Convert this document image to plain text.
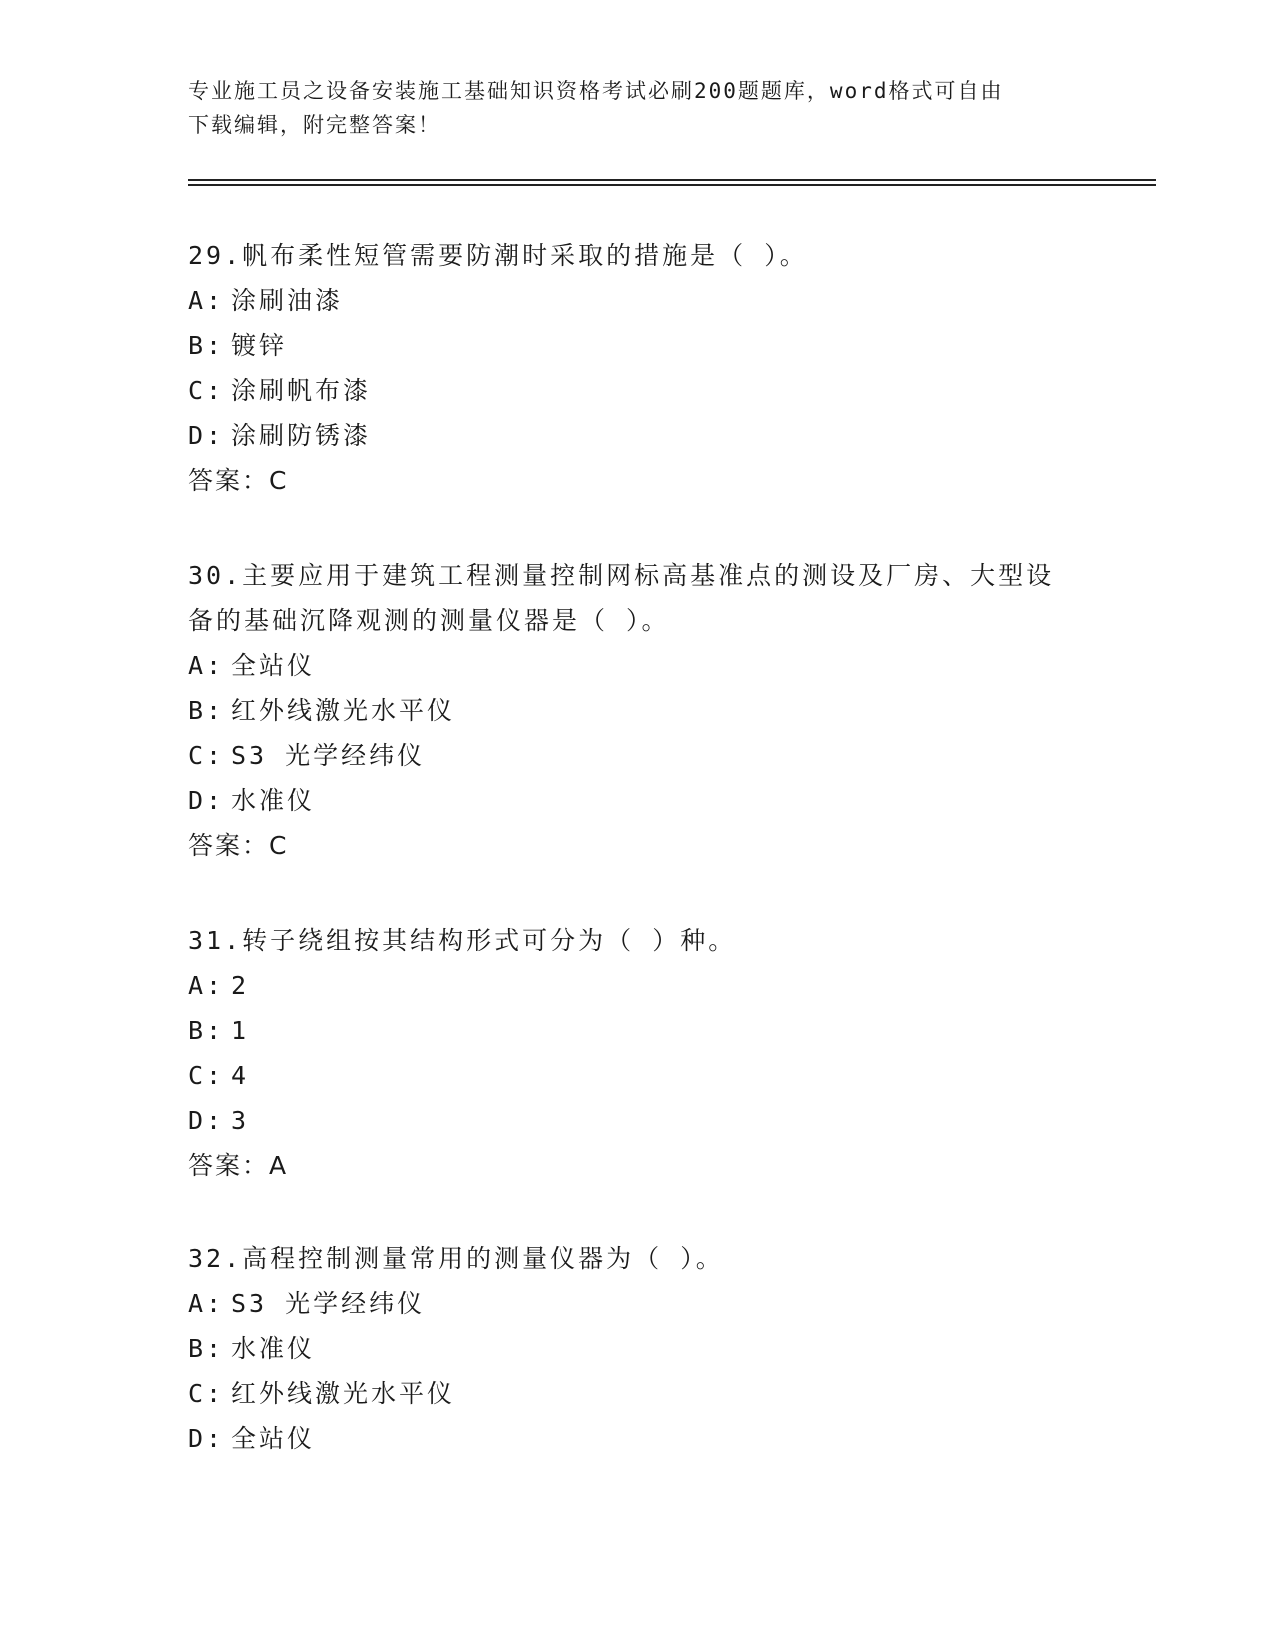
专业施工员之设备安装施工基础知识资格考试必刷200题题库，word格式可自由
下载编辑，附完整答案！

29.帆布柔性短管需要防潮时采取的措施是（ ）。

A: 涂刷油漆

B: 镀锌

C: 涂刷帆布漆

D: 涂刷防锈漆

答案：C

30.主要应用于建筑工程测量控制网标高基准点的测设及厂房、大型设

备的基础沉降观测的测量仪器是（ ）。

A: 全站仪

B: 红外线激光水平仪

C: S3 光学经纬仪

D: 水准仪

答案：C

31.转子绕组按其结构形式可分为（ ）种。

A: 2

B: 1

C: 4

D: 3

答案：A

32.高程控制测量常用的测量仪器为（ ）。

A: S3 光学经纬仪

B: 水准仪

C: 红外线激光水平仪

D: 全站仪
